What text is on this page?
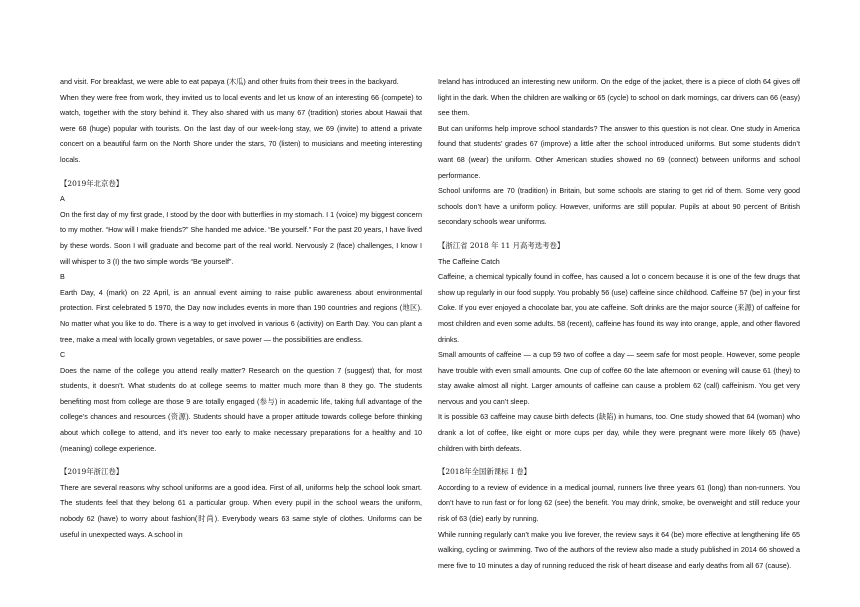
and visit. For breakfast, we were able to eat papaya (木瓜) and other fruits from their trees in the backyard.

When they were free from work, they invited us to local events and let us know of an interesting 66 (compete) to watch, together with the story behind it. They also shared with us many 67 (tradition) stories about Hawaii that were 68 (huge) popular with tourists. On the last day of our week-long stay, we 69 (invite) to attend a private concert on a beautiful farm on the North Shore under the stars, 70 (listen) to musicians and meeting interesting locals.

【2019年北京卷】

A

On the first day of my first grade, I stood by the door with butterflies in my stomach. I 1 (voice) my biggest concern to my mother. “How will I make friends?” She handed me advice. “Be yourself.” For the past 20 years, I have lived by these words. Soon I will graduate and become part of the real world. Nervously 2 (face) challenges, I know I will whisper to 3 (I) the two simple words “Be yourself”.

B

Earth Day, 4 (mark) on 22 April, is an annual event aiming to raise public awareness about environmental protection. First celebrated 5 1970, the Day now includes events in more than 190 countries and regions (地区). No matter what you like to do. There is a way to get involved in various 6 (activity) on Earth Day. You can plant a tree, make a meal with locally grown vegetables, or save power — the possibilities are endless.

C

Does the name of the college you attend really matter? Research on the question 7 (suggest) that, for most students, it doesn’t. What students do at college seems to matter much more than 8 they go. The students benefiting most from college are those 9 are totally engaged (参与) in academic life, taking full advantage of the college’s chances and resources (资源). Students should have a proper attitude towards college before thinking about which college to attend, and it’s never too early to make necessary preparations for a healthy and 10 (meaning) college experience.

【2019年浙江卷】

There are several reasons why school uniforms are a good idea. First of all, uniforms help the school look smart. The students feel that they belong 61 a particular group. When every pupil in the school wears the uniform, nobody 62 (have) to worry about fashion(时尚). Everybody wears 63 same style of clothes. Uniforms can be useful in unexpected ways. A school in

Ireland has introduced an interesting new uniform. On the edge of the jacket, there is a piece of cloth 64 gives off light in the dark. When the children are walking or 65 (cycle) to school on dark mornings, car drivers can 66 (easy) see them.

But can uniforms help improve school standards? The answer to this question is not clear. One study in America found that students’ grades 67 (improve) a little after the school introduced uniforms. But some students didn’t want 68 (wear) the uniform. Other American studies showed no 69 (connect) between uniforms and school performance.

School uniforms are 70 (tradition) in Britain, but some schools are staring to get rid of them. Some very good schools don’t have a uniform policy. However, uniforms are still popular. Pupils at about 90 percent of British secondary schools wear uniforms.

【浙江省 2018 年 11 月高考选考卷】

The Caffeine Catch

Caffeine, a chemical typically found in coffee, has caused a lot o concern because it is one of the few drugs that show up regularly in our food supply. You probably 56 (use) caffeine since childhood. Caffeine 57 (be) in your first Coke. If you ever enjoyed a chocolate bar, you ate caffeine. Soft drinks are the major source (来源) of caffeine for most children and even some adults. 58 (recent), caffeine has found its way into orange, apple, and other flavored drinks.

Small amounts of caffeine — a cup 59 two of coffee a day — seem safe for most people. However, some people have trouble with even small amounts. One cup of coffee 60 the late afternoon or evening will cause 61 (they) to stay awake almost all night. Larger amounts of caffeine can cause a problem 62 (call) caffeinism. You get very nervous and you can’t sleep.

It is possible 63 caffeine may cause birth defects (缺陷) in humans, too. One study showed that 64 (woman) who drank a lot of coffee, like eight or more cups per day, while they were pregnant were more likely 65 (have) children with birth defeats.

【2018年全国新课标 I 卷】

According to a review of evidence in a medical journal, runners live three years 61 (long) than non-runners. You don’t have to run fast or for long 62 (see) the benefit. You may drink, smoke, be overweight and still reduce your risk of 63 (die) early by running.

While running regularly can’t make you live forever, the review says it 64 (be) more effective at lengthening life 65 walking, cycling or swimming. Two of the authors of the review also made a study published in 2014 66 showed a mere five to 10 minutes a day of running reduced the risk of heart disease and early deaths from all 67 (cause).
